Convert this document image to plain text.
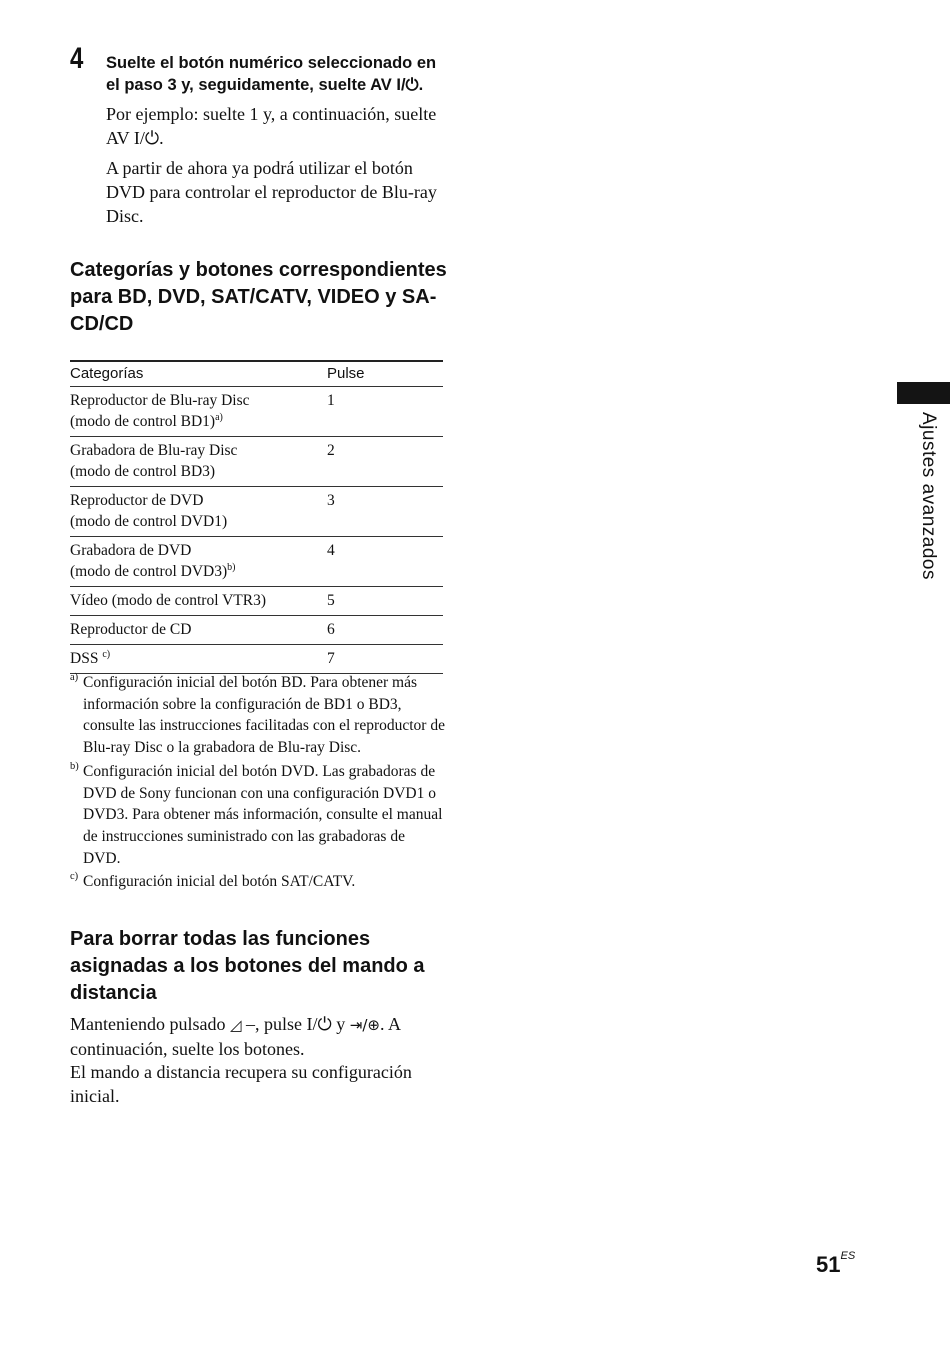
4 Suelte el botón numérico seleccionado en el paso 3 y, seguidamente, suelte AV I/⏻.
Por ejemplo: suelte 1 y, a continuación, suelte AV I/⏻.
A partir de ahora ya podrá utilizar el botón DVD para controlar el reproductor de Blu-ray Disc.
Categorías y botones correspondientes para BD, DVD, SAT/CATV, VIDEO y SA-CD/CD
Categorías	Pulse
Reproductor de Blu-ray Disc
(modo de control BD1)$^{a)}$	1
Grabadora de Blu-ray Disc
(modo de control BD3)	2
Reproductor de DVD
(modo de control DVD1)	3
Grabadora de DVD
(modo de control DVD3)$^{b)}$	4
Vídeo (modo de control VTR3)	5
Reproductor de CD	6
DSS $^{c)}$	7
a) Configuración inicial del botón BD. Para obtener más información sobre la configuración de BD1 o BD3, consulte las instrucciones facilitadas con el reproductor de Blu-ray Disc o la grabadora de Blu-ray Disc.
b) Configuración inicial del botón DVD. Las grabadoras de DVD de Sony funcionan con una configuración DVD1 o DVD3. Para obtener más información, consulte el manual de instrucciones suministrado con las grabadoras de DVD.
c) Configuración inicial del botón SAT/CATV.
Para borrar todas las funciones asignadas a los botones del mando a distancia
Manteniendo pulsado ◿ –, pulse I/⏻ y ⇥/⊕. A continuación, suelte los botones.
El mando a distancia recupera su configuración inicial.
Ajustes avanzados
$51^{ES}$
